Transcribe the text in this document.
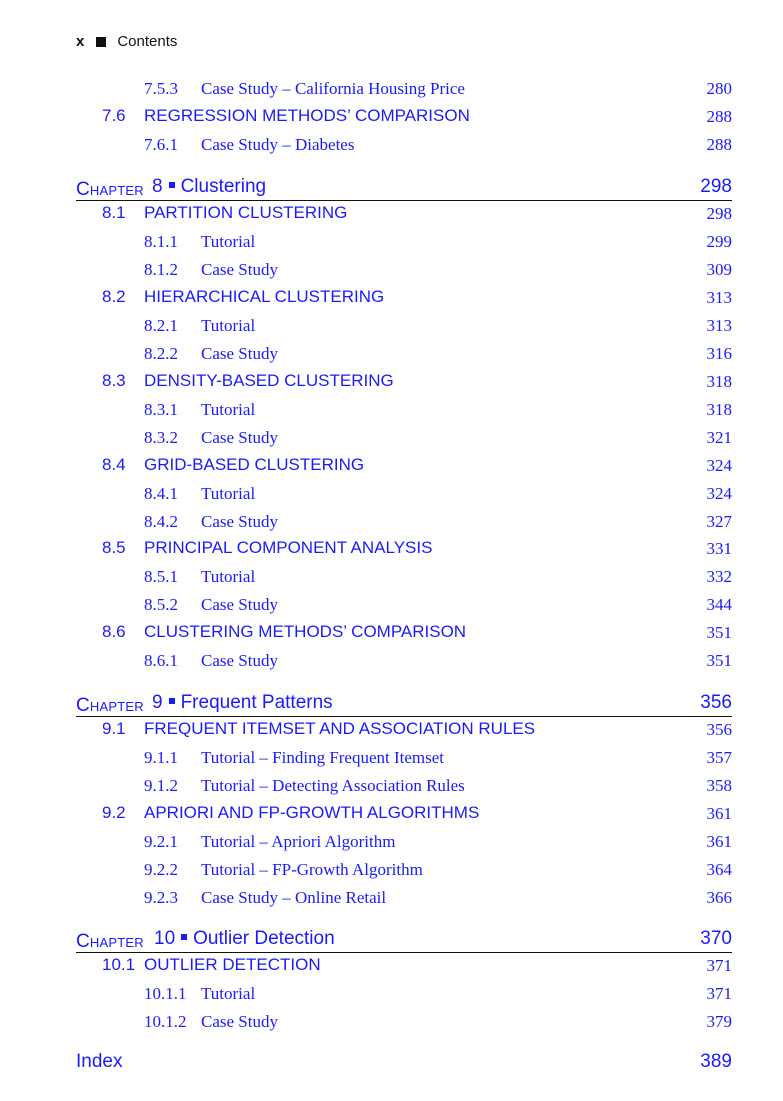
x Contents
7.5.3 Case Study – California Housing Price	280
7.6 REGRESSION METHODS’ COMPARISON	288
7.6.1 Case Study – Diabetes	288
CHAPTER 8 Clustering	298
8.1 PARTITION CLUSTERING	298
8.1.1 Tutorial	299
8.1.2 Case Study	309
8.2 HIERARCHICAL CLUSTERING	313
8.2.1 Tutorial	313
8.2.2 Case Study	316
8.3 DENSITY-BASED CLUSTERING	318
8.3.1 Tutorial	318
8.3.2 Case Study	321
8.4 GRID-BASED CLUSTERING	324
8.4.1 Tutorial	324
8.4.2 Case Study	327
8.5 PRINCIPAL COMPONENT ANALYSIS	331
8.5.1 Tutorial	332
8.5.2 Case Study	344
8.6 CLUSTERING METHODS’ COMPARISON	351
8.6.1 Case Study	351
CHAPTER 9 Frequent Patterns	356
9.1 FREQUENT ITEMSET AND ASSOCIATION RULES	356
9.1.1 Tutorial – Finding Frequent Itemset	357
9.1.2 Tutorial – Detecting Association Rules	358
9.2 APRIORI AND FP-GROWTH ALGORITHMS	361
9.2.1 Tutorial – Apriori Algorithm	361
9.2.2 Tutorial – FP-Growth Algorithm	364
9.2.3 Case Study – Online Retail	366
CHAPTER 10 Outlier Detection	370
10.1 OUTLIER DETECTION	371
10.1.1 Tutorial	371
10.1.2 Case Study	379
Index	389
